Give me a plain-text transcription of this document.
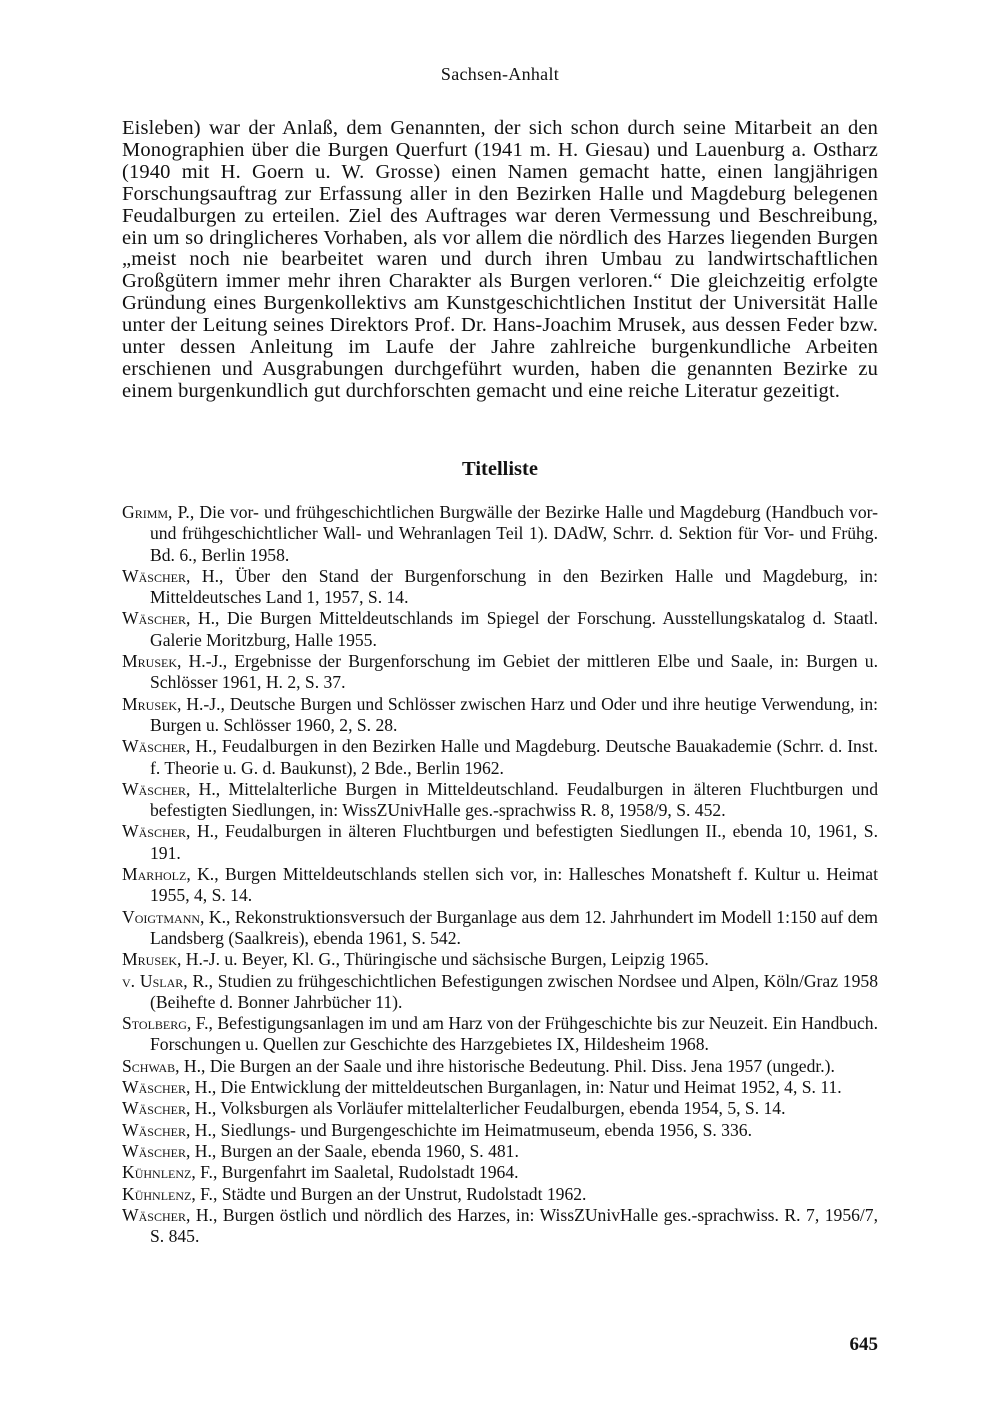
Sachsen-Anhalt

Eisleben) war der Anlaß, dem Genannten, der sich schon durch seine Mitarbeit an den Monographien über die Burgen Querfurt (1941 m. H. Giesau) und Lauenburg a. Ostharz (1940 mit H. Goern u. W. Grosse) einen Namen gemacht hatte, einen langjährigen Forschungsauftrag zur Erfassung aller in den Bezirken Halle und Magdeburg belegenen Feudalburgen zu erteilen. Ziel des Auftrages war deren Vermessung und Beschreibung, ein um so dringlicheres Vorhaben, als vor allem die nördlich des Harzes liegenden Burgen „meist noch nie bearbeitet waren und durch ihren Umbau zu landwirtschaftlichen Großgütern immer mehr ihren Charakter als Burgen verloren.“ Die gleichzeitig erfolgte Gründung eines Burgenkollektivs am Kunstgeschichtlichen Institut der Universität Halle unter der Leitung seines Direktors Prof. Dr. Hans-Joachim Mrusek, aus dessen Feder bzw. unter dessen Anleitung im Laufe der Jahre zahlreiche burgenkundliche Arbeiten erschienen und Ausgrabungen durchgeführt wurden, haben die genannten Bezirke zu einem burgenkundlich gut durchforschten gemacht und eine reiche Literatur gezeitigt.

Titelliste
Grimm, P., Die vor- und frühgeschichtlichen Burgwälle der Bezirke Halle und Magdeburg (Handbuch vor- und frühgeschichtlicher Wall- und Wehranlagen Teil 1). DAdW, Schrr. d. Sektion für Vor- und Frühg. Bd. 6., Berlin 1958.
Wäscher, H., Über den Stand der Burgenforschung in den Bezirken Halle und Magdeburg, in: Mitteldeutsches Land 1, 1957, S. 14.
Wäscher, H., Die Burgen Mitteldeutschlands im Spiegel der Forschung. Ausstellungskatalog d. Staatl. Galerie Moritzburg, Halle 1955.
Mrusek, H.-J., Ergebnisse der Burgenforschung im Gebiet der mittleren Elbe und Saale, in: Burgen u. Schlösser 1961, H. 2, S. 37.
Mrusek, H.-J., Deutsche Burgen und Schlösser zwischen Harz und Oder und ihre heutige Verwendung, in: Burgen u. Schlösser 1960, 2, S. 28.
Wäscher, H., Feudalburgen in den Bezirken Halle und Magdeburg. Deutsche Bauakademie (Schrr. d. Inst. f. Theorie u. G. d. Baukunst), 2 Bde., Berlin 1962.
Wäscher, H., Mittelalterliche Burgen in Mitteldeutschland. Feudalburgen in älteren Fluchtburgen und befestigten Siedlungen, in: WissZUnivHalle ges.-sprachwiss R. 8, 1958/9, S. 452.
Wäscher, H., Feudalburgen in älteren Fluchtburgen und befestigten Siedlungen II., ebenda 10, 1961, S. 191.
Marholz, K., Burgen Mitteldeutschlands stellen sich vor, in: Hallesches Monatsheft f. Kultur u. Heimat 1955, 4, S. 14.
Voigtmann, K., Rekonstruktionsversuch der Burganlage aus dem 12. Jahrhundert im Modell 1:150 auf dem Landsberg (Saalkreis), ebenda 1961, S. 542.
Mrusek, H.-J. u. Beyer, Kl. G., Thüringische und sächsische Burgen, Leipzig 1965.
v. Uslar, R., Studien zu frühgeschichtlichen Befestigungen zwischen Nordsee und Alpen, Köln/Graz 1958 (Beihefte d. Bonner Jahrbücher 11).
Stolberg, F., Befestigungsanlagen im und am Harz von der Frühgeschichte bis zur Neuzeit. Ein Handbuch. Forschungen u. Quellen zur Geschichte des Harzgebietes IX, Hildesheim 1968.
Schwab, H., Die Burgen an der Saale und ihre historische Bedeutung. Phil. Diss. Jena 1957 (ungedr.).
Wäscher, H., Die Entwicklung der mitteldeutschen Burganlagen, in: Natur und Heimat 1952, 4, S. 11.
Wäscher, H., Volksburgen als Vorläufer mittelalterlicher Feudalburgen, ebenda 1954, 5, S. 14.
Wäscher, H., Siedlungs- und Burgengeschichte im Heimatmuseum, ebenda 1956, S. 336.
Wäscher, H., Burgen an der Saale, ebenda 1960, S. 481.
Kühnlenz, F., Burgenfahrt im Saaletal, Rudolstadt 1964.
Kühnlenz, F., Städte und Burgen an der Unstrut, Rudolstadt 1962.
Wäscher, H., Burgen östlich und nördlich des Harzes, in: WissZUnivHalle ges.-sprachwiss. R. 7, 1956/7, S. 845.
645
